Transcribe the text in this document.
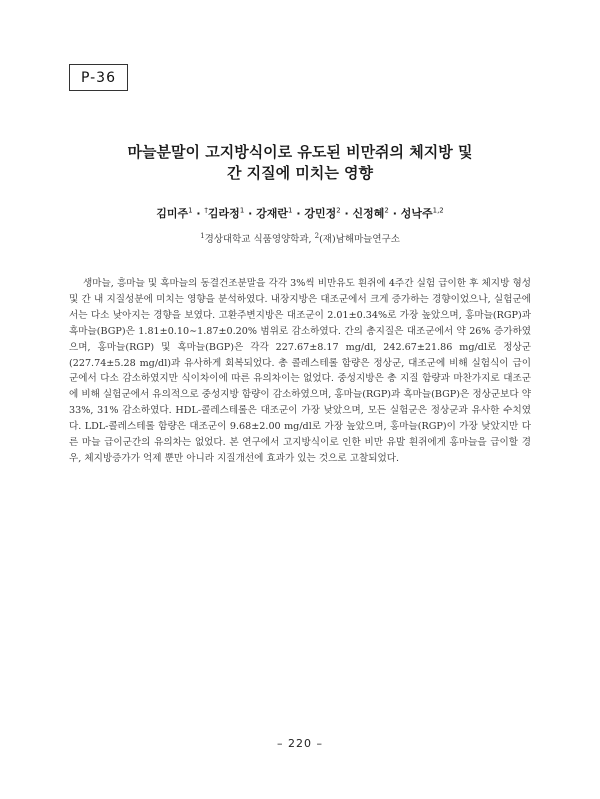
P-36
마늘분말이 고지방식이로 유도된 비만쥐의 체지방 및
간 지질에 미치는 영향
김미주$^1$ · †김라정$^1$ · 강재란$^1$ · 강민정$^2$ · 신정혜$^2$ · 성낙주$^{1,2}$
$^1$경상대학교 식품영양학과, $^2$(재)남해마늘연구소

생마늘, 흥마늘 및 흑마늘의 동결건조분말을 각각 3%씩 비만유도 흰쥐에 4주간 실험 급이한 후 체지방 형성 및 간 내 지질성분에 미치는 영향을 분석하였다. 내장지방은 대조군에서 크게 증가하는 경향이었으나, 실험군에서는 다소 낮아지는 경향을 보였다. 고환주변지방은 대조군이 2.01±0.34%로 가장 높았으며, 홍마늘(RGP)과 흑마늘(BGP)은 1.81±0.10∼1.87±0.20% 범위로 감소하였다. 간의 총지질은 대조군에서 약 26% 증가하였으며, 홍마늘(RGP) 및 흑마늘(BGP)은 각각 227.67±8.17 mg/dl, 242.67±21.86 mg/dl로 정상군(227.74±5.28 mg/dl)과 유사하게 회복되었다. 총 콜레스테롤 함량은 정상군, 대조군에 비해 실험식이 급이군에서 다소 감소하였지만 식이차이에 따른 유의차이는 없었다. 중성지방은 총 지질 함량과 마찬가지로 대조군에 비해 실험군에서 유의적으로 중성지방 함량이 감소하였으며, 홍마늘(RGP)과 흑마늘(BGP)은 정상군보다 약 33%, 31% 감소하였다. HDL-콜레스테롤은 대조군이 가장 낮았으며, 모든 실험군은 정상군과 유사한 수치였다. LDL-콜레스테롤 함량은 대조군이 9.68±2.00 mg/dl로 가장 높았으며, 홍마늘(RGP)이 가장 낮았지만 다른 마늘 급이군간의 유의차는 없었다. 본 연구에서 고지방식이로 인한 비만 유발 흰쥐에게 홍마늘을 급이할 경우, 체지방증가가 억제 뿐만 아니라 지질개선에 효과가 있는 것으로 고찰되었다.

– 220 –
